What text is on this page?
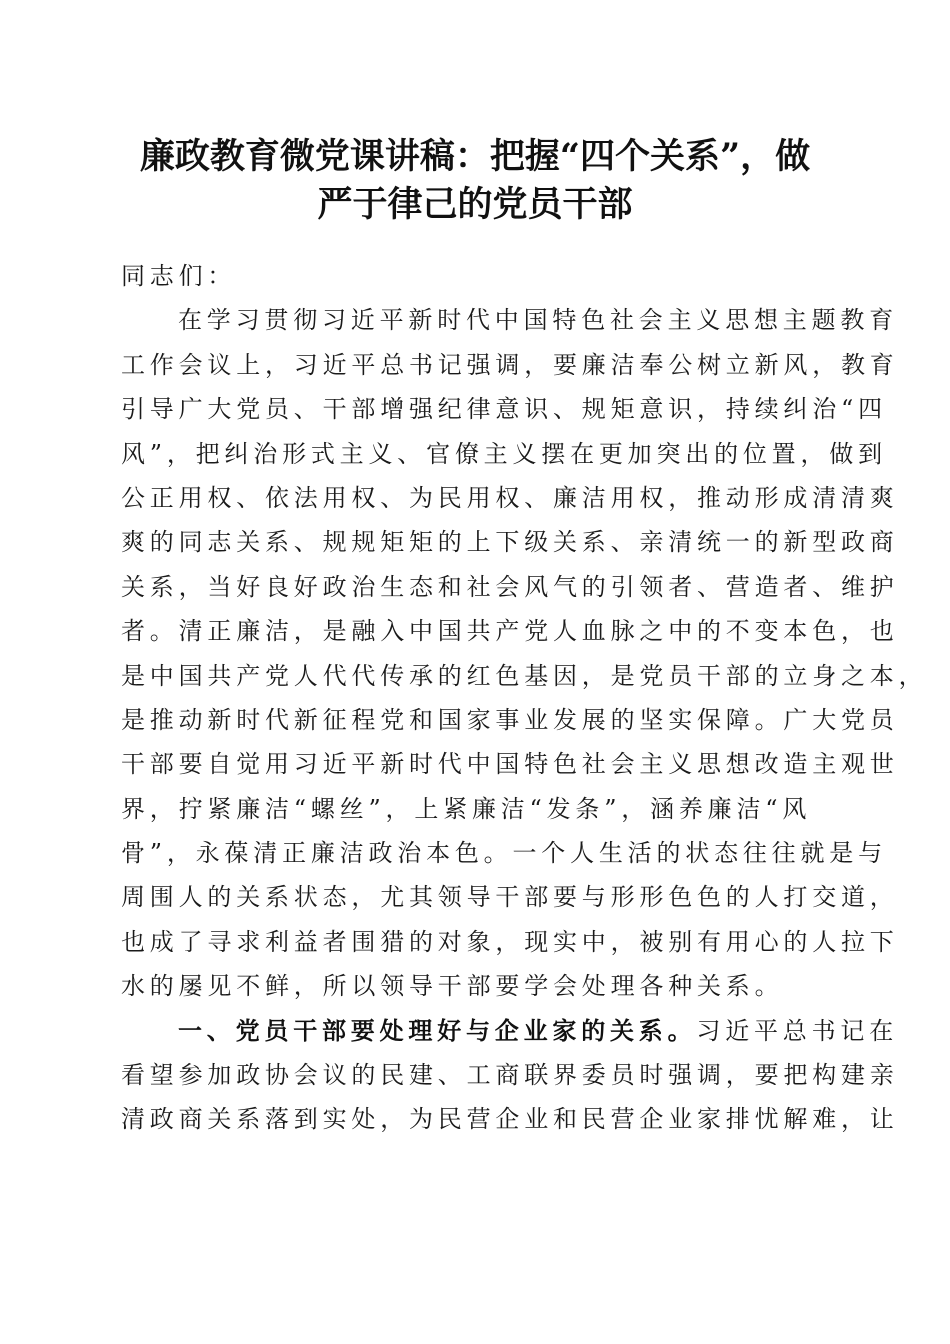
廉政教育微党课讲稿：把握“四个关系”，做
严于律己的党员干部
同志们：
在学习贯彻习近平新时代中国特色社会主义思想主题教育
工作会议上，习近平总书记强调，要廉洁奉公树立新风，教育
引导广大党员、干部增强纪律意识、规矩意识，持续纠治“四
风”，把纠治形式主义、官僚主义摆在更加突出的位置，做到
公正用权、依法用权、为民用权、廉洁用权，推动形成清清爽
爽的同志关系、规规矩矩的上下级关系、亲清统一的新型政商
关系，当好良好政治生态和社会风气的引领者、营造者、维护
者。清正廉洁，是融入中国共产党人血脉之中的不变本色，也
是中国共产党人代代传承的红色基因，是党员干部的立身之本，
是推动新时代新征程党和国家事业发展的坚实保障。广大党员
干部要自觉用习近平新时代中国特色社会主义思想改造主观世
界，拧紧廉洁“螺丝”，上紧廉洁“发条”，涵养廉洁“风
骨”，永葆清正廉洁政治本色。一个人生活的状态往往就是与
周围人的关系状态，尤其领导干部要与形形色色的人打交道，
也成了寻求利益者围猎的对象，现实中，被别有用心的人拉下
水的屡见不鲜，所以领导干部要学会处理各种关系。
一、党员干部要处理好与企业家的关系。习近平总书记在
看望参加政协会议的民建、工商联界委员时强调，要把构建亲
清政商关系落到实处，为民营企业和民营企业家排忧解难，让
